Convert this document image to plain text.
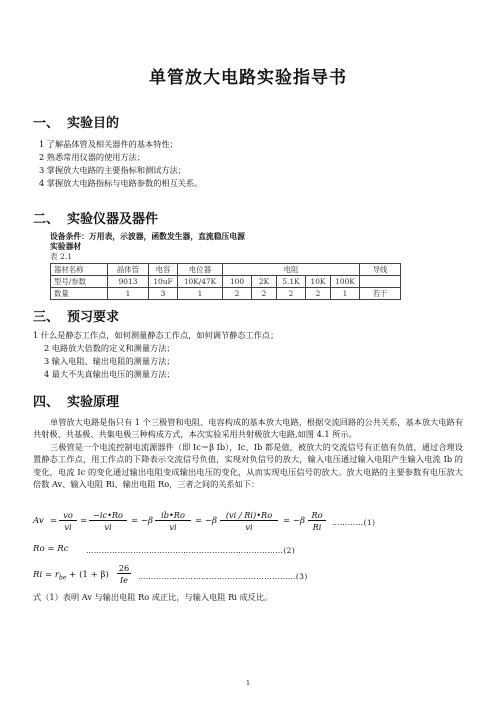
单管放大电路实验指导书
一、 实验目的
1 了解晶体管及相关器件的基本特性；
2 熟悉常用仪器的使用方法；
3 掌握放大电路的主要指标和测试方法；
4 掌握放大电路指标与电路参数的相互关系。
二、 实验仪器及器件
设备条件：万用表，示波器，函数发生器，直流稳压电源
实验器材
表 2.1
器材名称	晶体管	电容	电位器	电阻					导线
型号/参数	9013	10uF	10K/47K	100	2K	5.1K	10K	100K	
数量	1	3	1	2	2	2	2	1	若干
三、 预习要求
1 什么是静态工作点，如何测量静态工作点，如何调节静态工作点；
2 电路放大倍数的定义和测量方法；
3 输入电阻、输出电阻的测量方法；
4 最大不失真输出电压的测量方法；
四、 实验原理
单管放大电路是指只有 1 个三极管和电阻、电容构成的基本放大电路，根据交流回路的公共关系，基本放大电路有共射极、共基极、共集电极三种构成方式，本次实验采用共射极放大电路,如图 4.1 所示。
三极管是一个电流控制电流源器件（即 Ic＝β Ib），Ic、Ib 都是值，被放大的交流信号有正值有负值，通过合理设置静态工作点，用工作点的下降表示交流信号负值，实现对负信号的放大，输入电压通过输入电阻产生输入电流 Ib 的变化，电流 Ic 的变化通过输出电阻变成输出电压的变化，从而实现电压信号的放大。放大电路的主要参数有电压放大倍数 Av、输入电阻 Ri、输出电阻 Ro，三者之间的关系如下：
Av =
vo
vi
=
−ic•Ro
vi
= − β
ib•Ro
vi
= − β
(vi / Ri)•Ro
vi
= − β
Ro
Ri	…………(1)
Ro = Rc …………………………………………………………………(2)
$Ri = r_{be} + (1 + \beta)$
26
Ie	……………………………………………………(3)
式（1）表明 Av 与输出电阻 Ro 成正比，与输入电阻 Ri 成反比。
1
